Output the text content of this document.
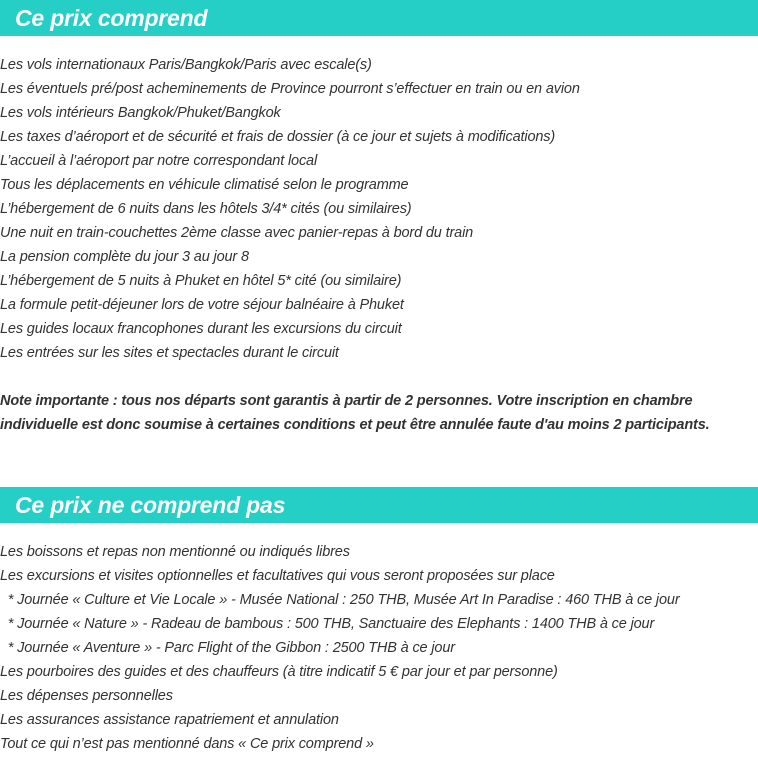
Ce prix comprend
Les vols internationaux Paris/Bangkok/Paris avec escale(s)
Les éventuels pré/post acheminements de Province pourront s’effectuer en train ou en avion
Les vols intérieurs Bangkok/Phuket/Bangkok
Les taxes d’aéroport et de sécurité et frais de dossier (à ce jour et sujets à modifications)
L’accueil à l’aéroport par notre correspondant local
Tous les déplacements en véhicule climatisé selon le programme
L’hébergement de 6 nuits dans les hôtels 3/4* cités (ou similaires)
Une nuit en train-couchettes 2ème classe avec panier-repas à bord du train
La pension complète du jour 3 au jour 8
L’hébergement de 5 nuits à Phuket en hôtel 5* cité (ou similaire)
La formule petit-déjeuner lors de votre séjour balnéaire à Phuket
Les guides locaux francophones durant les excursions du circuit
Les entrées sur les sites et spectacles durant le circuit

Note importante : tous nos départs sont garantis à partir de 2 personnes. Votre inscription en chambre individuelle est donc soumise à certaines conditions et peut être annulée faute d'au moins 2 participants.

Ce prix ne comprend pas
Les boissons et repas non mentionné ou indiqués libres
Les excursions et visites optionnelles et facultatives qui vous seront proposées sur place
* Journée « Culture et Vie Locale » - Musée National : 250 THB, Musée Art In Paradise : 460 THB à ce jour
* Journée « Nature » - Radeau de bambous : 500 THB, Sanctuaire des Elephants : 1400 THB à ce jour
* Journée « Aventure » - Parc Flight of the Gibbon : 2500 THB à ce jour
Les pourboires des guides et des chauffeurs (à titre indicatif 5 € par jour et par personne)
Les dépenses personnelles
Les assurances assistance rapatriement et annulation
Tout ce qui n’est pas mentionné dans « Ce prix comprend »
